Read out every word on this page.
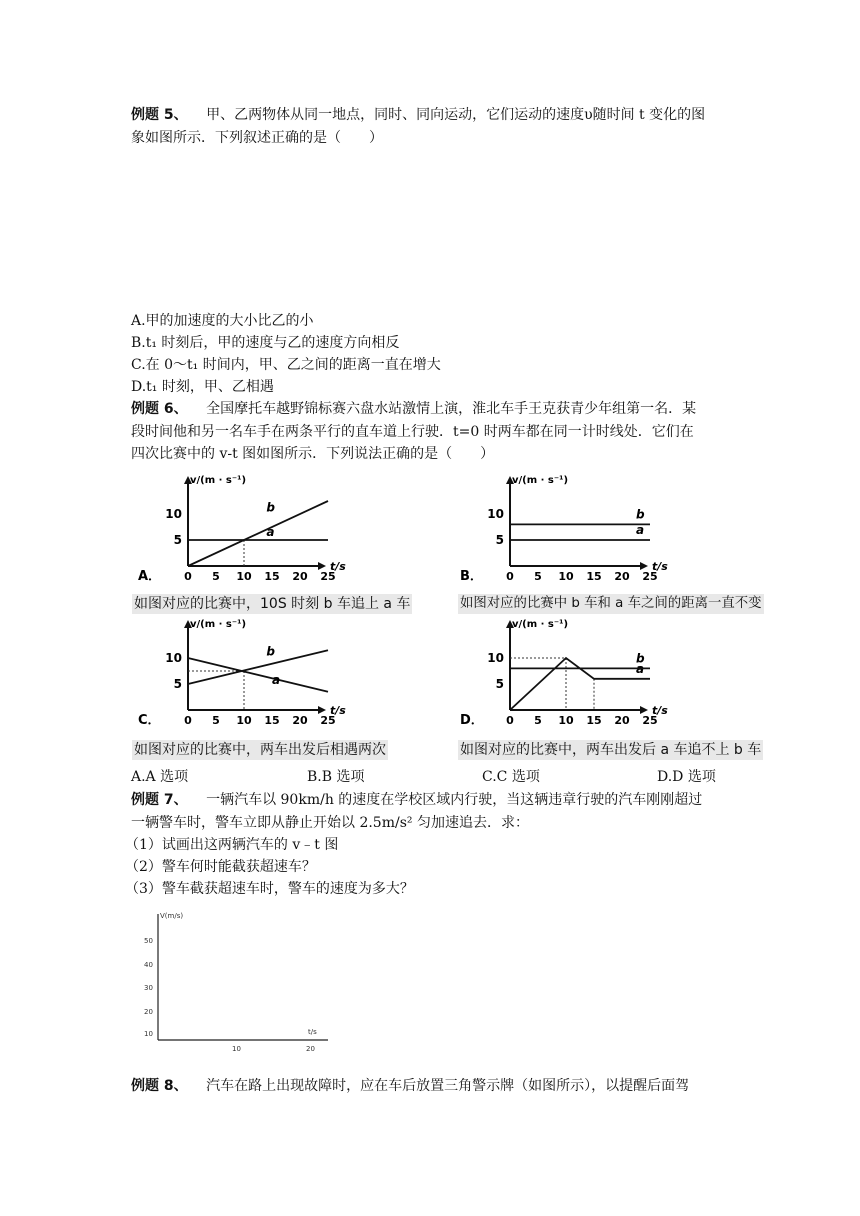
例题 5、 甲、乙两物体从同一地点，同时、同向运动，它们运动的速度υ随时间 t 变化的图
象如图所示．下列叙述正确的是（　　）
A.甲的加速度的大小比乙的小
B.t₁ 时刻后，甲的速度与乙的速度方向相反
C.在 0～t₁ 时间内，甲、乙之间的距离一直在增大
D.t₁ 时刻，甲、乙相遇
例题 6、 全国摩托车越野锦标赛六盘水站激情上演，淮北车手王克获青少年组第一名．某
段时间他和另一名车手在两条平行的直车道上行驶．t=0 时两车都在同一计时线处．它们在
四次比赛中的 v-t 图如图所示．下列说法正确的是（　　）
v/(m · s⁻¹)
t/s
0 5 10 15 20 25
5
10
a
b
A．
v/(m · s⁻¹)
t/s
0 5 10 15 20 25
5
10
a
b
B．
v/(m · s⁻¹)
t/s
0 5 10 15 20 25
5
10
a
b
C．
v/(m · s⁻¹)
t/s
0 5 10 15 20 25
5
10
a
b
D．
如图对应的比赛中，10S 时刻 b 车追上 a 车	如图对应的比赛中 b 车和 a 车之间的距离一直不变
如图对应的比赛中，两车出发后相遇两次	如图对应的比赛中，两车出发后 a 车追不上 b 车
A.A 选项	B.B 选项	C.C 选项	D.D 选项
例题 7、 一辆汽车以 90km/h 的速度在学校区域内行驶，当这辆违章行驶的汽车刚刚超过
一辆警车时，警车立即从静止开始以 2.5m/s² 匀加速追去．求：
（1）试画出这两辆汽车的 v﹣t 图
（2）警车何时能截获超速车？
（3）警车截获超速车时，警车的速度为多大？
V(m/s)
t/s
50
40
30
20
10
10	20
例题 8、 汽车在路上出现故障时，应在车后放置三角警示牌（如图所示），以提醒后面驾
